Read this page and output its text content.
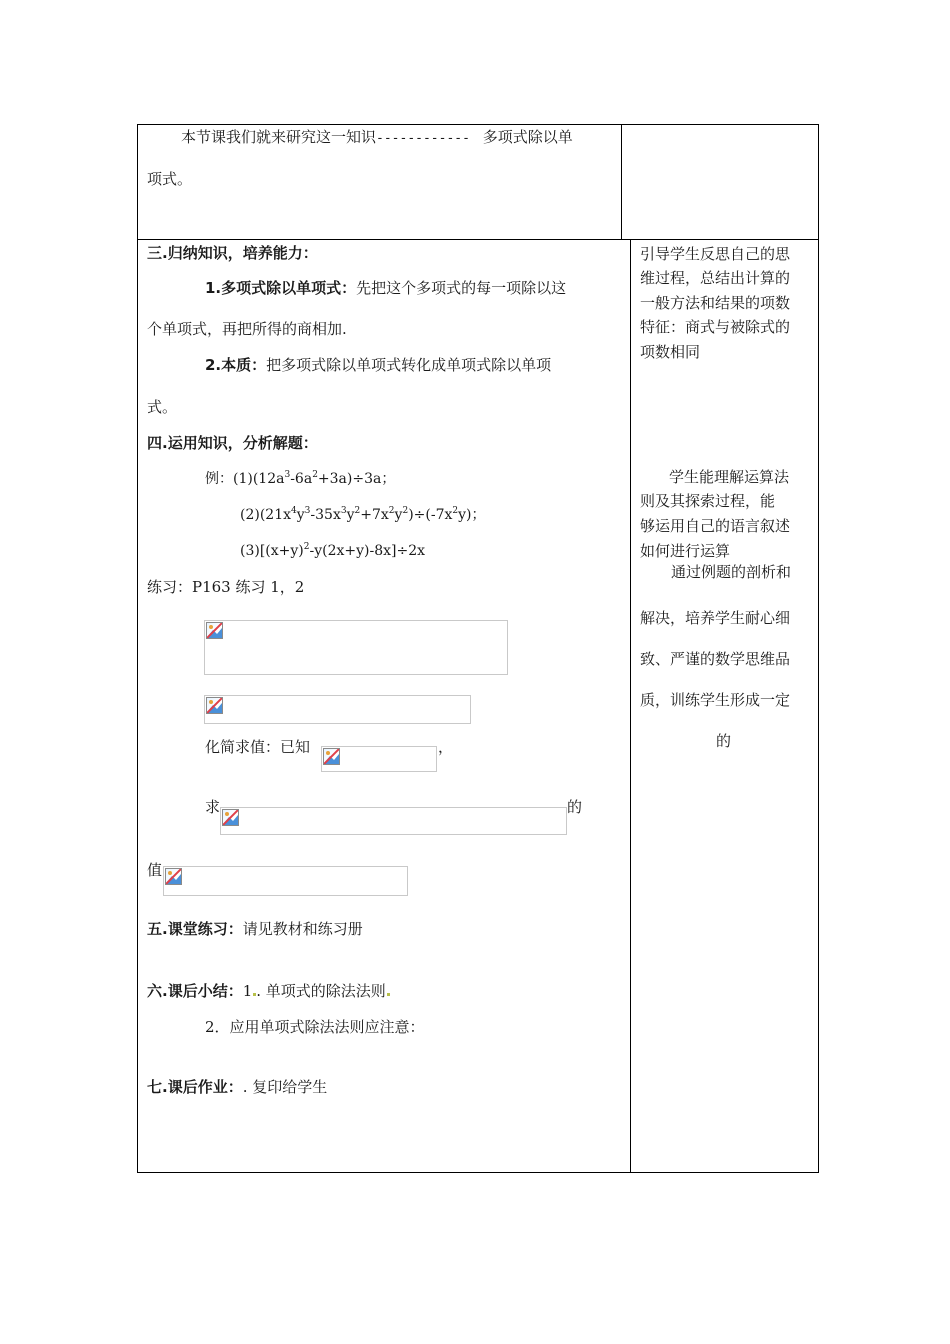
本节课我们就来研究这一知识------------ 多项式除以单
项式。
三.归纳知识，培养能力：
1.多项式除以单项式：先把这个多项式的每一项除以这
个单项式，再把所得的商相加.
2.本质：把多项式除以单项式转化成单项式除以单项
式。
四.运用知识，分析解题：
例：$(1)(12a^3-6a^2+3a)\div 3a$；
$(2)(21x^4y^3-35x^3y^2+7x^2y^2)\div(-7x^2y)$；
$(3)[(x+y)^2-y(2x+y)-8x]\div 2x$
练习：P163 练习 1，2
化简求值：已知	，
求	的
值
五.课堂练习：请见教材和练习册
六.课后小结：1 . 单项式的除法法则
2．应用单项式除法法则应注意：
七.课后作业：. 复印给学生
引导学生反思自己的思
维过程，总结出计算的
一般方法和结果的项数
特征：商式与被除式的
项数相同
学生能理解运算法
则及其探索过程，能
够运用自己的语言叙述
如何进行运算
通过例题的剖析和
解决，培养学生耐心细
致、严谨的数学思维品
质，训练学生形成一定
的
